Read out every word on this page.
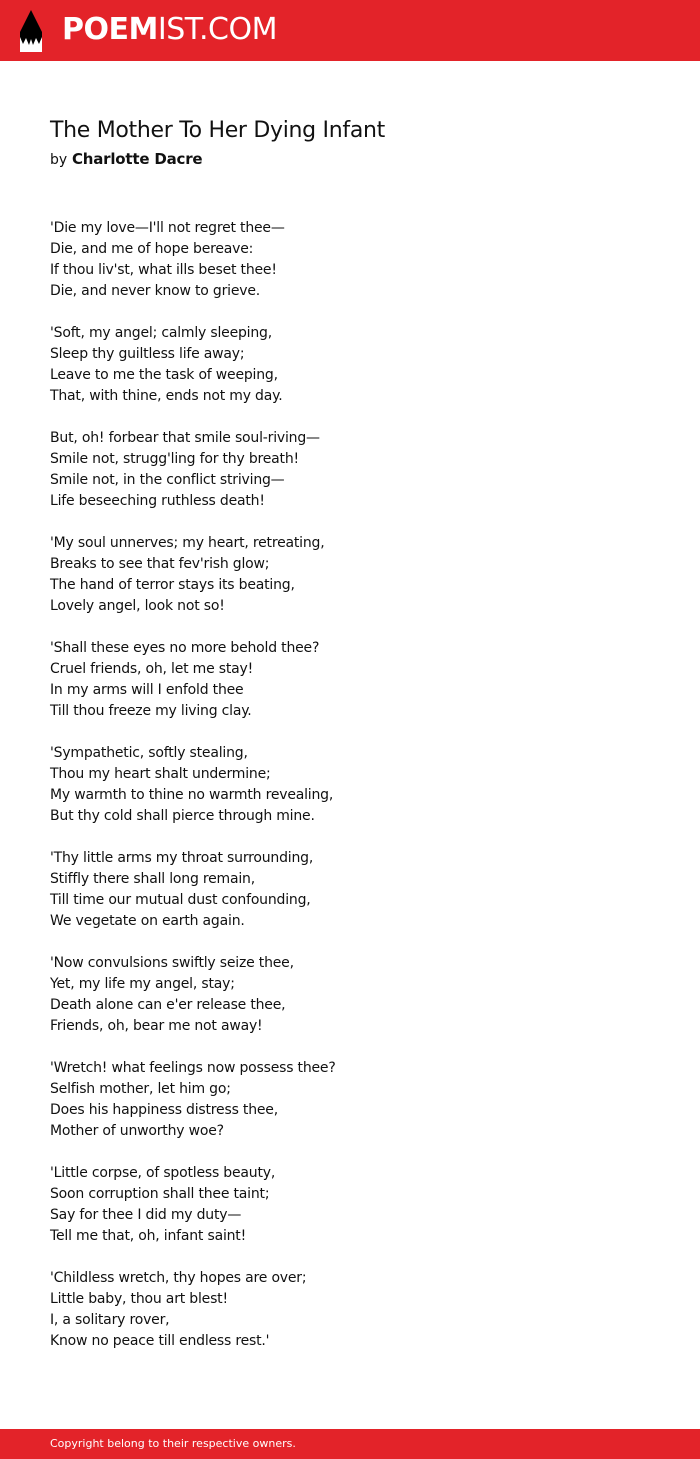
POEMIST.COM
The Mother To Her Dying Infant
by Charlotte Dacre
'Die my love—I'll not regret thee—
Die, and me of hope bereave:
If thou liv'st, what ills beset thee!
Die, and never know to grieve.
'Soft, my angel; calmly sleeping,
Sleep thy guiltless life away;
Leave to me the task of weeping,
That, with thine, ends not my day.
But, oh! forbear that smile soul-riving—
Smile not, strugg'ling for thy breath!
Smile not, in the conflict striving—
Life beseeching ruthless death!
'My soul unnerves; my heart, retreating,
Breaks to see that fev'rish glow;
The hand of terror stays its beating,
Lovely angel, look not so!
'Shall these eyes no more behold thee?
Cruel friends, oh, let me stay!
In my arms will I enfold thee
Till thou freeze my living clay.
'Sympathetic, softly stealing,
Thou my heart shalt undermine;
My warmth to thine no warmth revealing,
But thy cold shall pierce through mine.
'Thy little arms my throat surrounding,
Stiffly there shall long remain,
Till time our mutual dust confounding,
We vegetate on earth again.
'Now convulsions swiftly seize thee,
Yet, my life my angel, stay;
Death alone can e'er release thee,
Friends, oh, bear me not away!
'Wretch! what feelings now possess thee?
Selfish mother, let him go;
Does his happiness distress thee,
Mother of unworthy woe?
'Little corpse, of spotless beauty,
Soon corruption shall thee taint;
Say for thee I did my duty—
Tell me that, oh, infant saint!
'Childless wretch, thy hopes are over;
Little baby, thou art blest!
I, a solitary rover,
Know no peace till endless rest.'
Copyright belong to their respective owners.
